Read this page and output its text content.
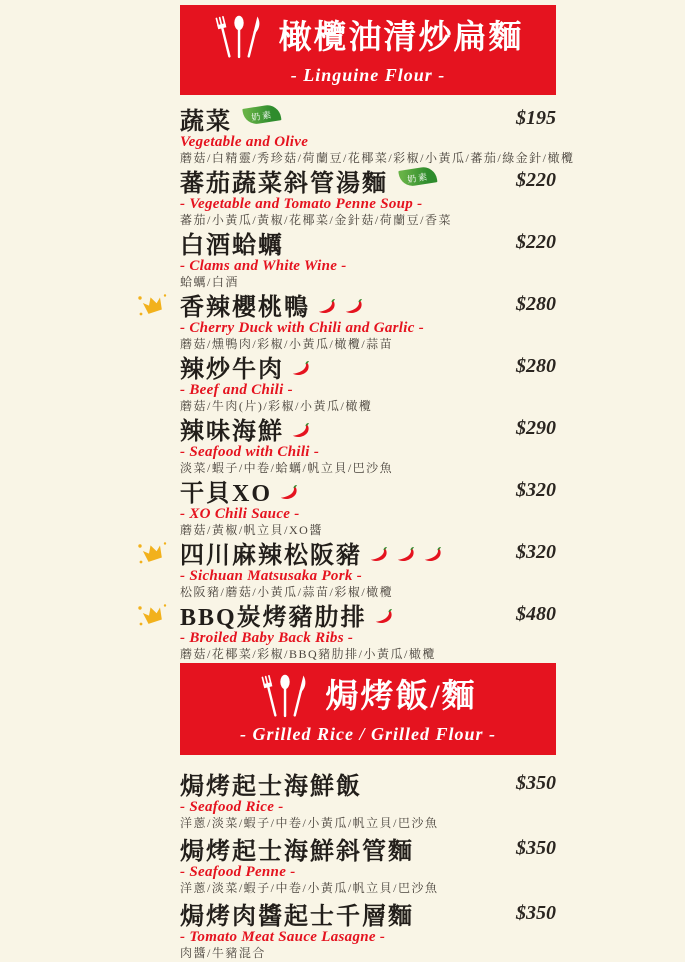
橄欖油清炒扁麵
- Linguine Flour -
蔬菜	奶素	$195
Vegetable and Olive
蘑菇/白精靈/秀珍菇/荷蘭豆/花椰菜/彩椒/小黃瓜/蕃茄/綠金針/橄欖
蕃茄蔬菜斜管湯麵	奶素	$220
- Vegetable and Tomato Penne Soup -
蕃茄/小黃瓜/黃椒/花椰菜/金針菇/荷蘭豆/香菜
白酒蛤蠣	$220
- Clams and White Wine -
蛤蠣/白酒
香辣櫻桃鴨	$280
- Cherry Duck with Chili and Garlic -
蘑菇/燻鴨肉/彩椒/小黃瓜/橄欖/蒜苗
辣炒牛肉	$280
- Beef and Chili -
蘑菇/牛肉(片)/彩椒/小黃瓜/橄欖
辣味海鮮	$290
- Seafood with Chili -
淡菜/蝦子/中卷/蛤蠣/帆立貝/巴沙魚
干貝XO	$320
- XO Chili Sauce -
蘑菇/黃椒/帆立貝/XO醬
四川麻辣松阪豬	$320
- Sichuan Matsusaka Pork -
松阪豬/蘑菇/小黃瓜/蒜苗/彩椒/橄欖
BBQ炭烤豬肋排	$480
- Broiled Baby Back Ribs -
蘑菇/花椰菜/彩椒/BBQ豬肋排/小黃瓜/橄欖
焗烤飯/麵
- Grilled Rice / Grilled Flour -
焗烤起士海鮮飯	$350
- Seafood Rice -
洋蔥/淡菜/蝦子/中卷/小黃瓜/帆立貝/巴沙魚
焗烤起士海鮮斜管麵	$350
- Seafood Penne -
洋蔥/淡菜/蝦子/中卷/小黃瓜/帆立貝/巴沙魚
焗烤肉醬起士千層麵	$350
- Tomato Meat Sauce Lasagne -
肉醬/牛豬混合
